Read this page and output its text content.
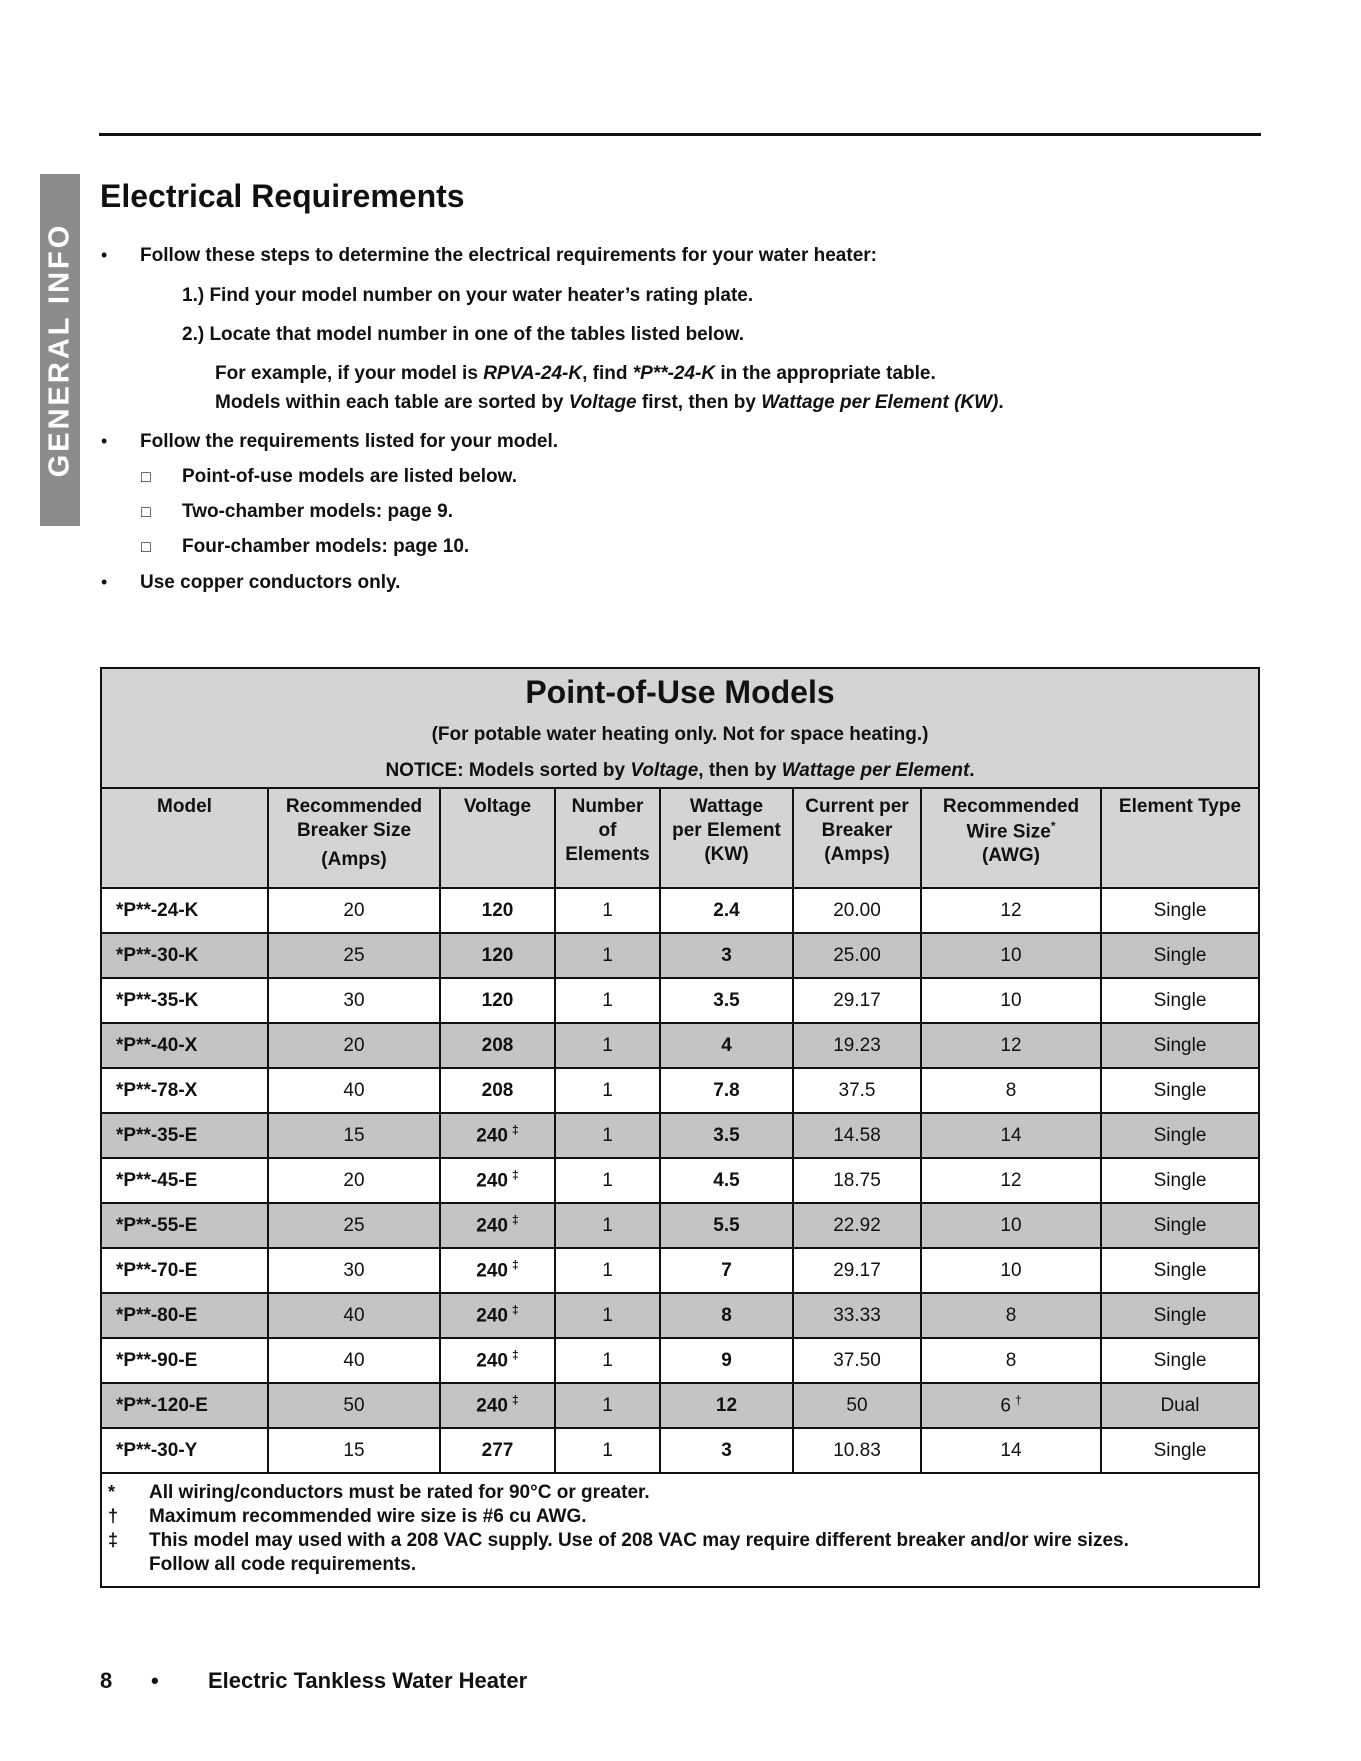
GENERAL INFO
Electrical Requirements
• Follow these steps to determine the electrical requirements for your water heater:
1.) Find your model number on your water heater’s rating plate.
2.) Locate that model number in one of the tables listed below.
For example, if your model is RPVA-24-K, find *P**-24-K in the appropriate table.
Models within each table are sorted by Voltage first, then by Wattage per Element (KW).
• Follow the requirements listed for your model.
□ Point-of-use models are listed below.
□ Two-chamber models: page 9.
□ Four-chamber models: page 10.
• Use copper conductors only.
Point-of-Use Models
(For potable water heating only. Not for space heating.)
NOTICE: Models sorted by Voltage, then by Wattage per Element.
Model	Recommended
Breaker Size
(Amps)	Voltage	Number
of
Elements	Wattage
per Element
(KW)	Current per
Breaker
(Amps)	Recommended
Wire Size*
(AWG)	Element Type
*P**-24-K	20	120	1	2.4	20.00	12	Single
*P**-30-K	25	120	1	3	25.00	10	Single
*P**-35-K	30	120	1	3.5	29.17	10	Single
*P**-40-X	20	208	1	4	19.23	12	Single
*P**-78-X	40	208	1	7.8	37.5	8	Single
*P**-35-E	15	240 ‡	1	3.5	14.58	14	Single
*P**-45-E	20	240 ‡	1	4.5	18.75	12	Single
*P**-55-E	25	240 ‡	1	5.5	22.92	10	Single
*P**-70-E	30	240 ‡	1	7	29.17	10	Single
*P**-80-E	40	240 ‡	1	8	33.33	8	Single
*P**-90-E	40	240 ‡	1	9	37.50	8	Single
*P**-120-E	50	240 ‡	1	12	50	6 †	Dual
*P**-30-Y	15	277	1	3	10.83	14	Single
* All wiring/conductors must be rated for 90°C or greater.
† Maximum recommended wire size is #6 cu AWG.
‡ This model may used with a 208 VAC supply. Use of 208 VAC may require different breaker and/or wire sizes.
Follow all code requirements.
8 • Electric Tankless Water Heater
